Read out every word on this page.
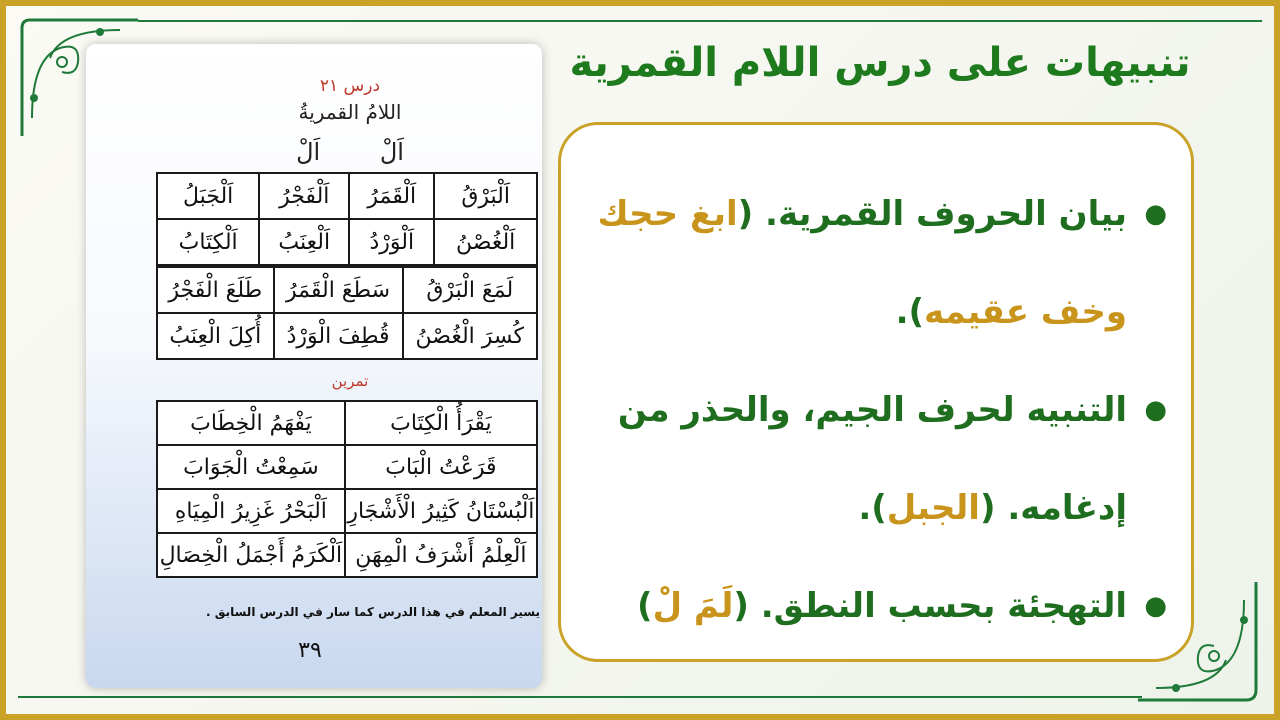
تنبيهات على درس اللام القمرية
●
بيان الحروف القمرية. (ابغ حجك وخف عقيمه).
●
التنبيه لحرف الجيم، والحذر من إدغامه. (الجبل).
●
التهجئة بحسب النطق. (لَمَ لْ)
درس ٢١
اللامُ القمريةُ
اَلْ اَلْ
اَلْبَرْقُ	اَلْقَمَرُ	اَلْفَجْرُ	اَلْجَبَلُ
اَلْغُصْنُ	اَلْوَرْدُ	اَلْعِنَبُ	اَلْكِتَابُ
لَمَعَ الْبَرْقُ	سَطَعَ الْقَمَرُ	طَلَعَ الْفَجْرُ
كُسِرَ الْغُصْنُ	قُطِفَ الْوَرْدُ	أُكِلَ الْعِنَبُ
تمرين
يَقْرَأُ الْكِتَابَ	يَفْهَمُ الْخِطَابَ
قَرَعْتُ الْبَابَ	سَمِعْتُ الْجَوَابَ
اَلْبُسْتَانُ كَثِيرُ الْأَشْجَارِ	اَلْبَحْرُ غَزِيرُ الْمِيَاهِ
اَلْعِلْمُ أَشْرَفُ الْمِهَنِ	اَلْكَرَمُ أَجْمَلُ الْخِصَالِ
يسير المعلم في هذا الدرس كما سار في الدرس السابق .
٣٩
